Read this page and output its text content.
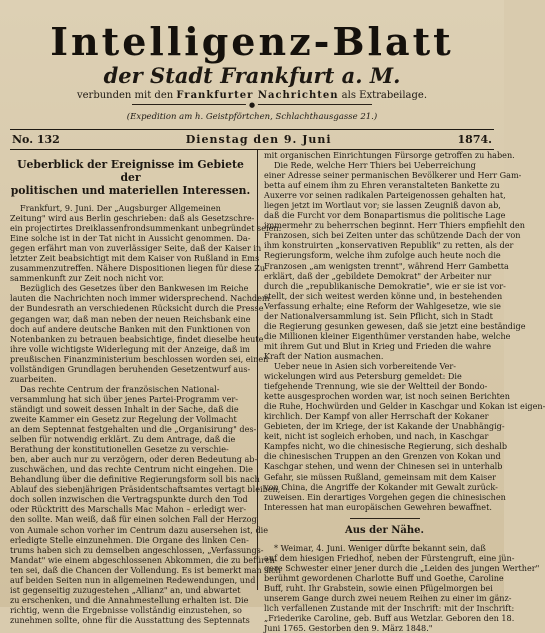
Intelligenz-Blatt
der Stadt Frankfurt a. M.
verbunden mit den Frankfurter Nachrichten als Extrabeilage.
●
(Expedition am h. Geistpförtchen, Schlachthausgasse 21.)
No. 132	Dienstag den 9. Juni	1874.
Ueberblick der Ereignisse im Gebiete der
politischen und materiellen Interessen.
Frankfurt, 9. Juni. Der „Augsburger Allgemeinen
Zeitung" wird aus Berlin geschrieben: daß als Gesetzschre-
ein projectirtes Dreiklassenfrondsummenkant unbegründet seien:
Eine solche ist in der Tat nicht in Aussicht genommen. Da-
gegen erfährt man von zuverlässiger Seite, daß der Kaiser in
letzter Zeit beabsichtigt mit dem Kaiser von Rußland in Ems
zusammenzutreffen. Nähere Dispositionen liegen für diese Zu-
sammenkunft zur Zeit noch nicht vor.
Bezüglich des Gesetzes über den Bankwesen im Reiche
lauten die Nachrichten noch immer widersprechend. Nachdem
der Bundesrath an verschiedenen Rücksicht durch die Presse
gegangen war, daß man neben der neuen Reichsbank eine
doch auf andere deutsche Banken mit den Funktionen von
Notenbanken zu betrauen beabsichtige, findet dieselbe heute
ihre volle wichtigste Widerlegung mit der Anzeige, daß im
preußischen Finanzministerium beschlossen worden sei, einen
vollständigen Grundlagen beruhenden Gesetzentwurf aus-
zuarbeiten.
Das rechte Centrum der französischen National-
versammlung hat sich über jenes Partei-Programm ver-
ständigt und soweit dessen Inhalt in der Sache, daß die
zweite Kammer ein Gesetz zur Regelung der Vollmacht
an dem Septennat festgehalten und die „Organisirung" des-
selben für notwendig erklärt. Zu dem Antrage, daß die
Berathung der konstitutionellen Gesetze zu verschie-
ben, aber auch nur zu verzögern, oder deren Bedeutung ab-
zuschwächen, und das rechte Centrum nicht eingehen. Die
Behandlung über die definitive Regierungsform soll bis nach
Ablauf des siebenjährigen Präsidentschaftsamtes vertagt bleiben,
doch sollen inzwischen die Vertragspunkte durch den Tod
oder Rücktritt des Marschalls Mac Mahon – erledigt wer-
den sollte. Man weiß, daß für einen solchen Fall der Herzog
von Aumale schon vorher im Centrum dazu ausersehen ist, die
erledigte Stelle einzunehmen. Die Organe des linken Cen-
trums haben sich zu demselben angeschlossen, „Verfassungs-
Mandat" wie einem abgeschlossenen Abkommen, die zu befürch-
ten sei, daß die Chancen der Vollendung. Es ist bemerkt man sich
auf beiden Seiten nun in allgemeinen Redewendungen, und
ist gegenseitig zuzugestehen „Allianz" an, und abwartet
zu erschenken, und die Annahmestellung erhalten ist. Die
richtig, wenn die Ergebnisse vollständig einzustehen, so
zunehmen sollte, ohne für die Ausstattung des Septennats
mit organischen Einrichtungen Fürsorge getroffen zu haben.
Die Rede, welche Herr Thiers bei Ueberreichung
einer Adresse seiner permanischen Bevölkerer und Herr Gam-
betta auf einem ihm zu Ehren veranstalteten Bankette zu
Auxerre vor seinen radikalen Parteigenossen gehalten hat,
liegen jetzt im Wortlaut vor; sie lassen Zeugniß davon ab,
daß die Furcht vor dem Bonapartismus die politische Lage
immermehr zu beherrschen beginnt. Herr Thiers empfiehlt den
Franzosen, sich bei Zeiten unter das schützende Dach der von
ihm konstruirten „konservativen Republik" zu retten, als der
Regierungsform, welche ihm zufolge auch heute noch die
Franzosen „am wenigsten trennt", während Herr Gambetta
erklärt, daß der „gebildete Demokrat" der Arbeiter nur
durch die „republikanische Demokratie", wie er sie ist vor-
stellt, der sich weitest werden könne und, in bestehenden
Verfassung erhalte; eine Reform der Wahlgesetze, wie sie
der Nationalversammlung ist. Sein Pflicht, sich in Stadt
die Regierung gesunken gewesen, daß sie jetzt eine beständige
die Millionen kleiner Eigenthümer verstanden habe, welche
mit ihrem Gut und Blut in Krieg und Frieden die wahre
Kraft der Nation ausmachen.
Ueber neue in Asien sich vorbereitende Ver-
wickelungen wird aus Petersburg gemeldet: Die
tiefgehende Trennung, wie sie der Weltteil der Bondo-
kette ausgesprochen worden war, ist noch seinen Berichten
die Ruhe, Hochwürden und Gelder in Kaschgar und Kokan ist eigen-
kirchlich. Der Kampf von aller Herrschaft der Kokaner
Gebieten, der im Kriege, der ist Kakande der Unabhängig-
keit, nicht ist sogleich erhoben, und nach, in Kaschgar
Kampfes nicht, wo die chinesische Regierung, sich deshalb
die chinesischen Truppen an den Grenzen von Kokan und
Kaschgar stehen, und wenn der Chinesen sei in unterhalb
Gefahr, sie müssen Rußland, gemeinsam mit dem Kaiser
von China, die Angriffe der Kokander mit Gewalt zurück-
zuweisen. Ein derartiges Vorgehen gegen die chinesischen
Interessen hat man europäischen Gewehren bewaffnet.
Aus der Nähe.
* Weimar, 4. Juni. Weniger dürfte bekannt sein, daß
auf dem hiesigen Friedhof, neben der Fürstengruft, eine jün-
gere Schwester einer jener durch die „Leiden des jungen Werther"
berühmt gewordenen Charlotte Buff und Goethe, Caroline
Buff, ruht. Ihr Grabstein, sowie einen Pfügelmorgen bei
unserem Gange durch zwei neuem Reihen zu einer im gänz-
lich verfallenen Zustande mit der Inschrift: mit der Inschrift:
„Friederike Caroline, geb. Buff aus Wetzlar. Geboren den 18.
Juni 1765. Gestorben den 9. März 1848."
